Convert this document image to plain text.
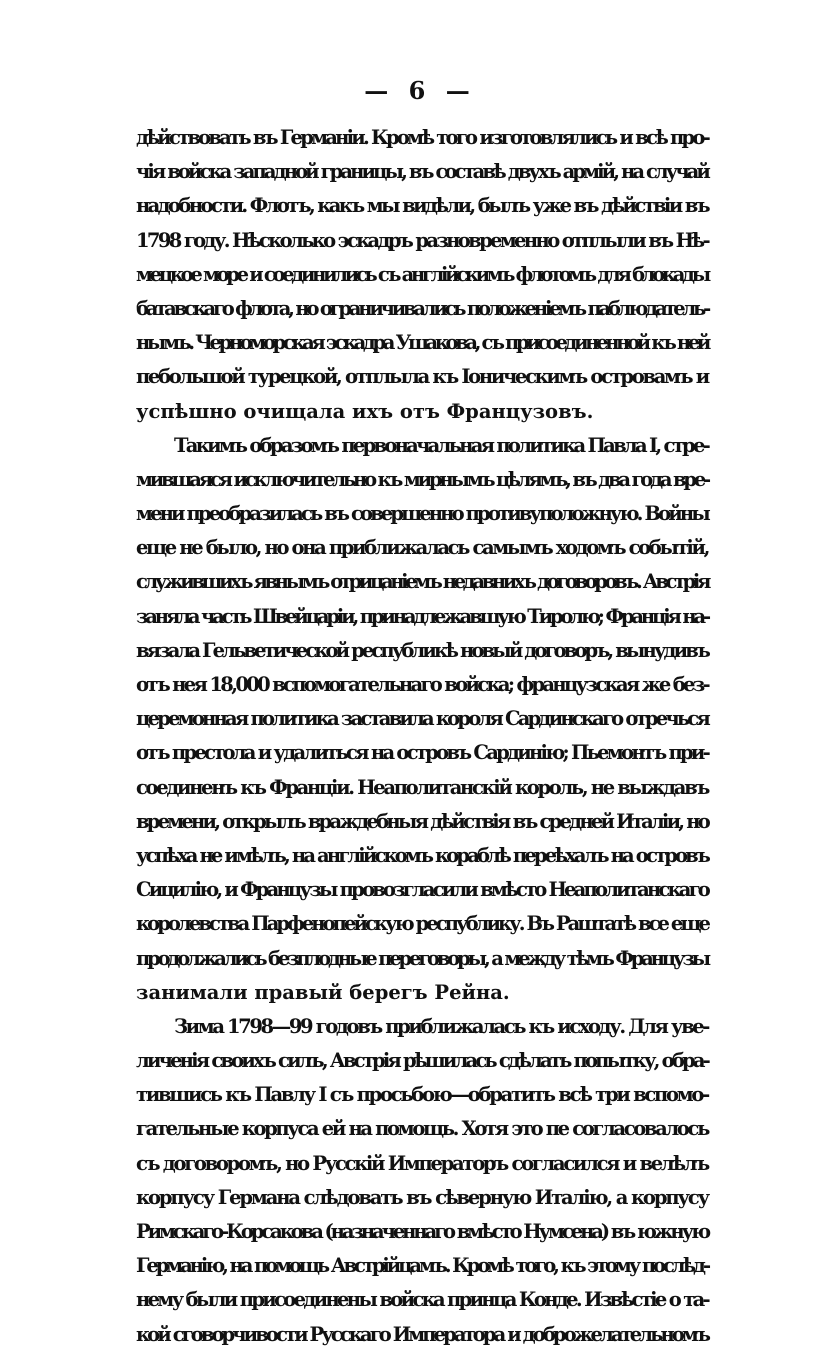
— 6 —
дѣйствовать въ Германіи. Кромѣ того изготовлялись и всѣ про-
чія войска западной границы, въ составѣ двухъ армій, на случай
надобности. Флотъ, какъ мы видѣли, былъ уже въ дѣйствіи въ
1798 году. Нѣсколько эскадръ разновременно отплыли въ Нѣ-
мецкое море и соединились съ англійскимъ флотомъ для блокады
батавскаго флота, но ограничивались положеніемъ паблюдатель-
нымъ. Черноморская эскадра Ушакова, съ присоединенной къ ней
пебольшой турецкой, отплыла къ Іоническимъ островамъ и
успѣшно очищала ихъ отъ Французовъ.
Такимъ образомъ первоначальная политика Павла I, стре-
мившаяся исключительно къ мирнымъ цѣлямъ, въ два года вре-
мени преобразилась въ совершенно противуположную. Войны
еще не было, но она приближалась самымъ ходомъ событій,
служившихъ явнымъ отрицаніемъ недавнихъ договоровъ. Австрія
заняла часть Швейцаріи, принадлежавшую Тиролю; Франція на-
вязала Гельветической республикѣ новый договоръ, вынудивъ
отъ нея 18,000 вспомогательнаго войска; французская же без-
церемонная политика заставила короля Сардинскаго отречься
отъ престола и удалиться на островъ Сардинію; Пьемонтъ при-
соединенъ къ Франціи. Неаполитанскій король, не выждавъ
времени, открылъ враждебныя дѣйствія въ средней Италіи, но
успѣха не имѣлъ, на англійскомъ кораблѣ переѣхалъ на островъ
Сицилію, и Французы провозгласили вмѣсто Неаполитанскаго
королевства Парфенопейскую республику. Въ Раштатѣ все еще
продолжались безплодные переговоры, а между тѣмъ Французы
занимали правый берегъ Рейна.
Зима 1798—99 годовъ приближалась къ исходу. Для уве-
личенія своихъ силъ, Австрія рѣшилась сдѣлать попытку, обра-
тившись къ Павлу I съ просьбою—обратить всѣ три вспомо-
гательные корпуса ей на помощь. Хотя это пе согласовалось
съ договоромъ, но Русскій Императоръ согласился и велѣлъ
корпусу Германа слѣдовать въ сѣверную Италію, а корпусу
Римскаго-Корсакова (назначеннаго вмѣсто Нумсена) въ южную
Германію, на помощь Австрійцамъ. Кромѣ того, къ этому послѣд-
нему были присоединены войска принца Конде. Извѣстіе о та-
кой сговорчивости Русскаго Императора и доброжелательномъ
